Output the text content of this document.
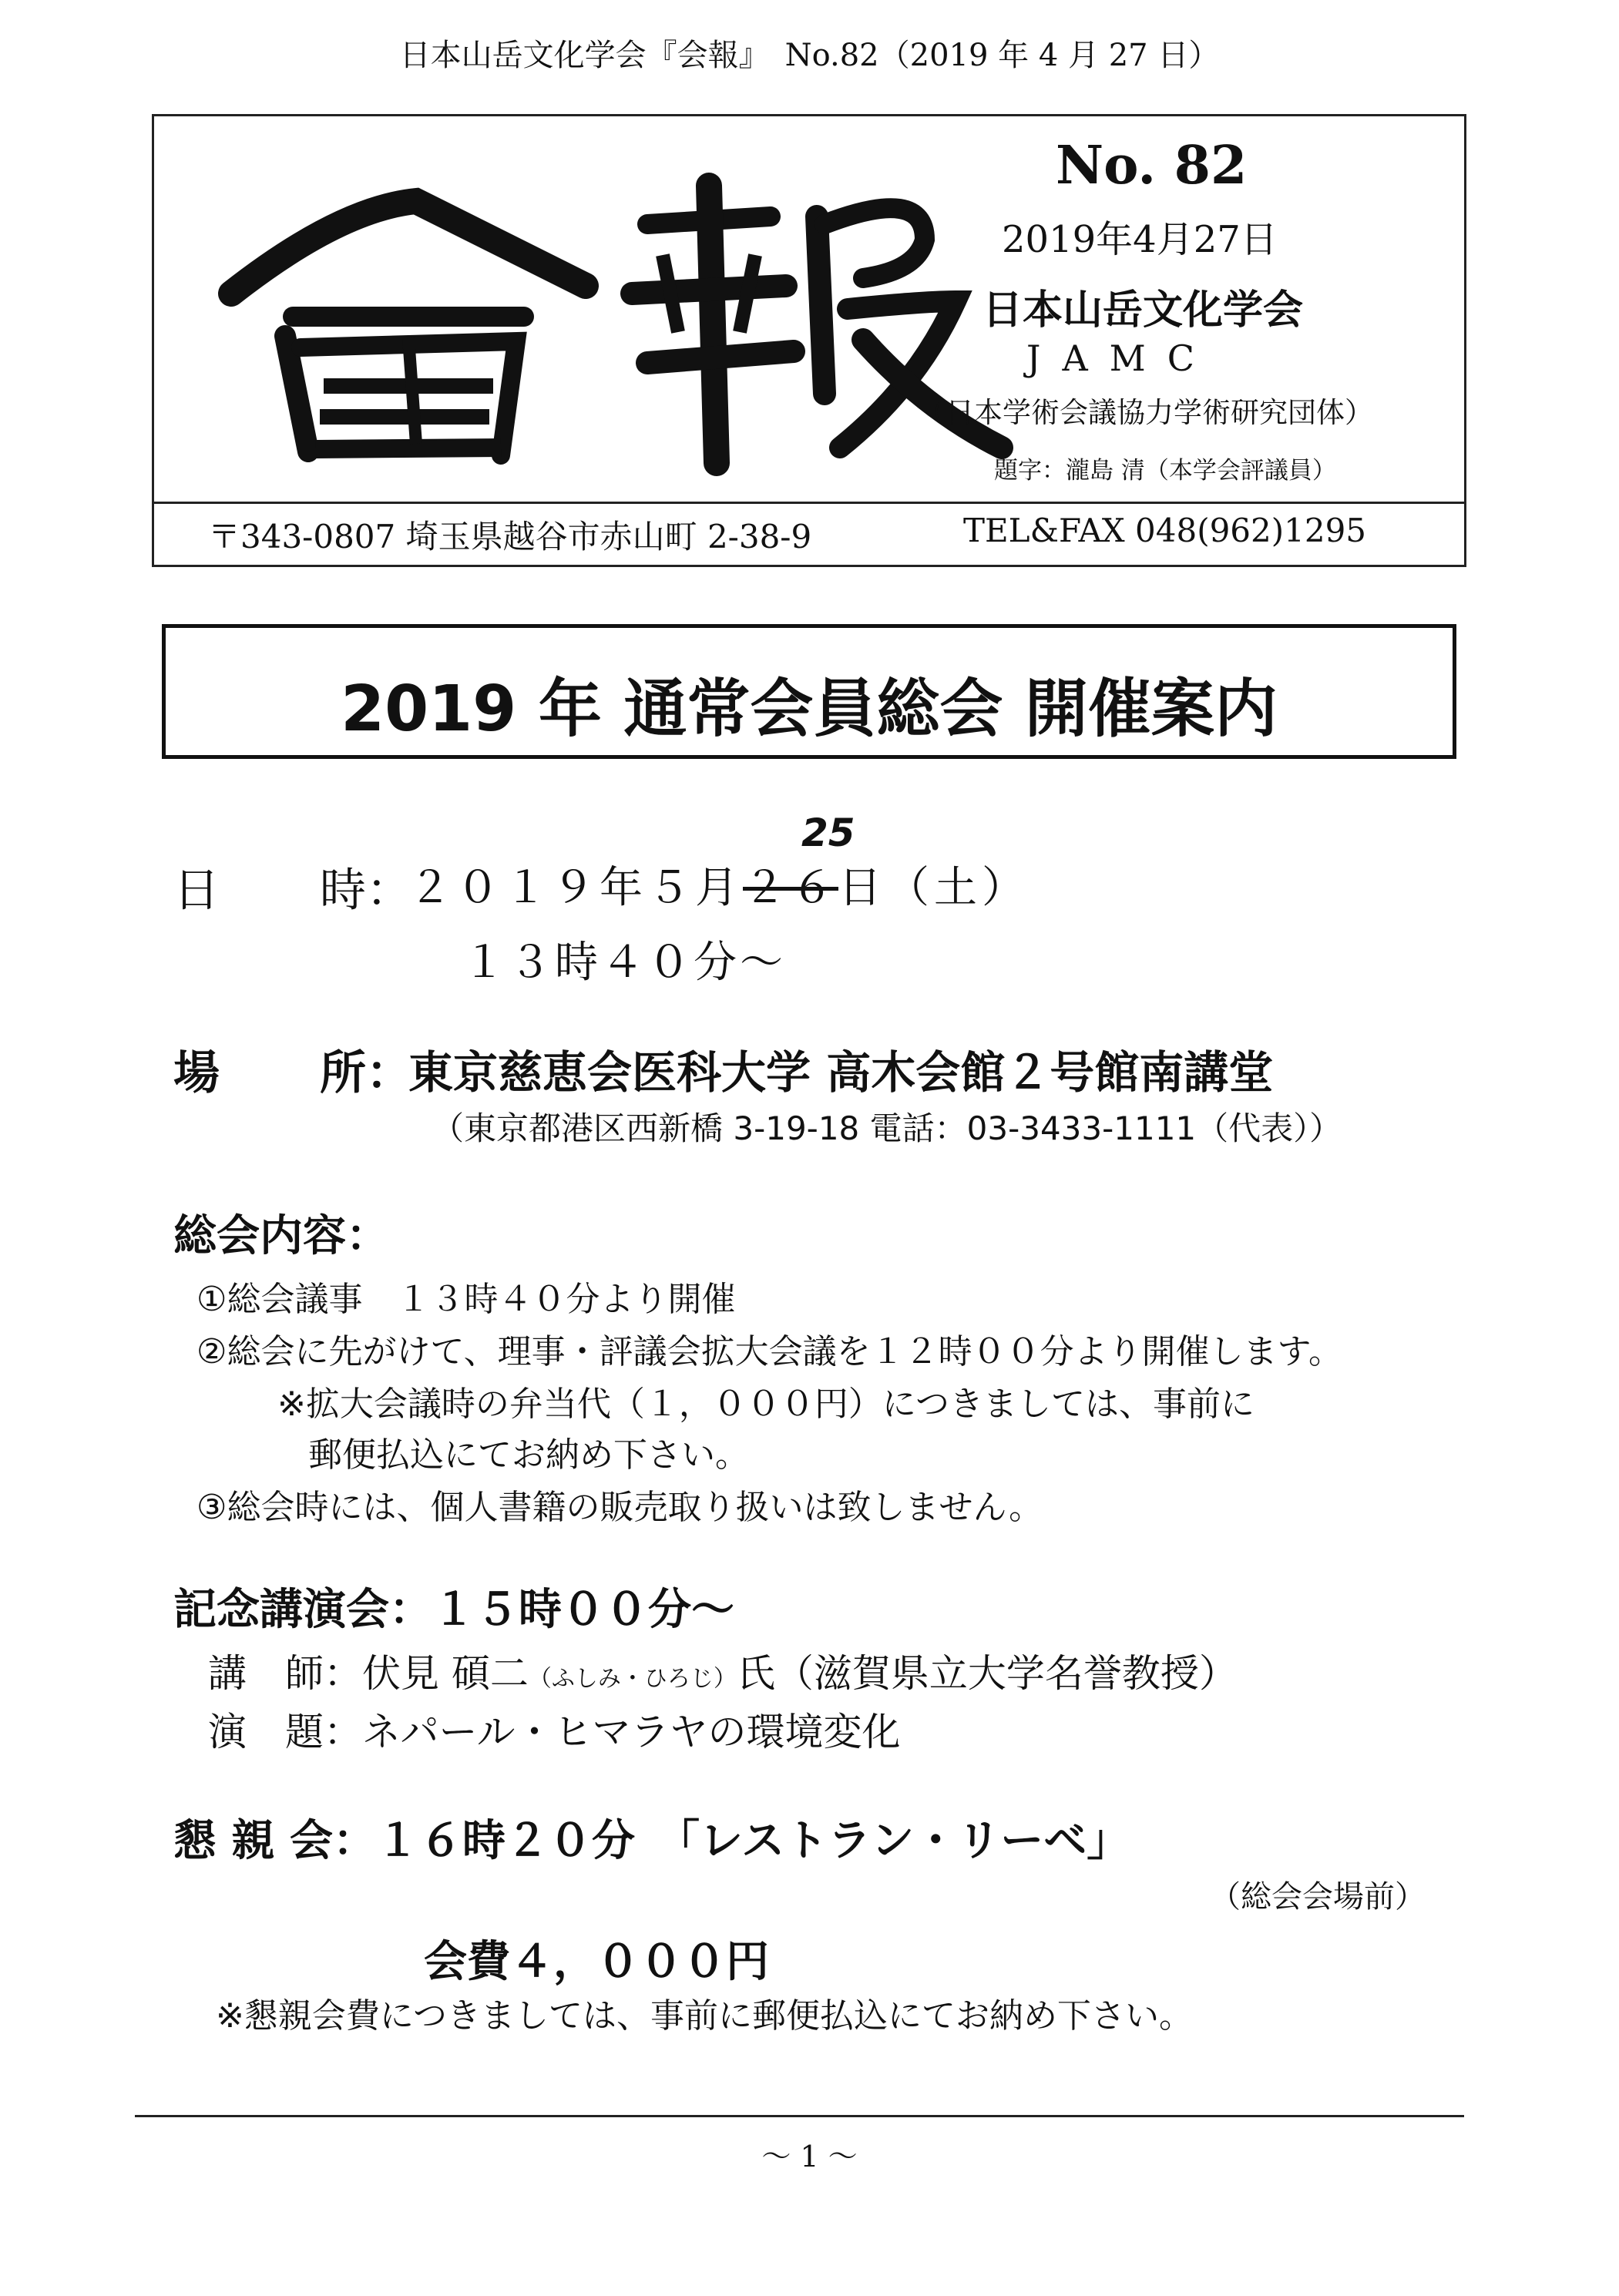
日本山岳文化学会『会報』　No.82（2019 年 4 月 27 日）
No. 82
2019年4月27日
日本山岳文化学会
JAMC
（日本学術会議協力学術研究団体）
題字：瀧島 清（本学会評議員）
〒343-0807 埼玉県越谷市赤山町 2-38-9	TEL&FAX 048(962)1295
2019 年 通常会員総会 開催案内
日 時：
２０１９年５月２６日（土）
25
１３時４０分～
場 所：
東京慈恵会医科大学 高木会館２号館南講堂
（東京都港区西新橋 3-19-18 電話：03-3433-1111（代表））
総会内容：
①総会議事　１３時４０分より開催
②総会に先がけて、理事・評議会拡大会議を１２時００分より開催します。
※拡大会議時の弁当代（１，０００円）につきましては、事前に
郵便払込にてお納め下さい。
③総会時には、個人書籍の販売取り扱いは致しません。
記念講演会：１５時００分～
講　師：伏見 碩二（ふしみ・ひろじ）氏（滋賀県立大学名誉教授）
演　題：ネパール・ヒマラヤの環境変化
懇 親 会：１６時２０分　「レストラン・リーベ」
（総会会場前）
会費４，０００円
※懇親会費につきましては、事前に郵便払込にてお納め下さい。
～ 1 ～
